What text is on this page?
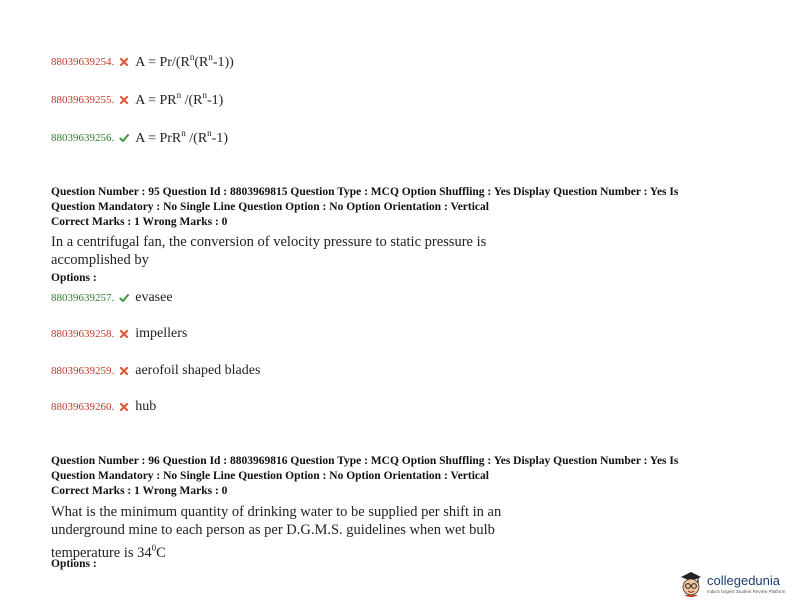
88039639254. $A = Pr/(R^n(R^n-1))$
88039639255. $A = PR^n$ $/(R^n-1)$
88039639256. A = PrR$^n$ $/(R^n-1)$
Question Number : 95 Question Id : 8803969815 Question Type : MCQ Option Shuffling : Yes Display Question Number : Yes Is
Question Mandatory : No Single Line Question Option : No Option Orientation : Vertical
Correct Marks : 1 Wrong Marks : 0
In a centrifugal fan, the conversion of velocity pressure to static pressure is
accomplished by
Options :
88039639257. evasee
88039639258. impellers
88039639259. aerofoil shaped blades
88039639260. hub
Question Number : 96 Question Id : 8803969816 Question Type : MCQ Option Shuffling : Yes Display Question Number : Yes Is
Question Mandatory : No Single Line Question Option : No Option Orientation : Vertical
Correct Marks : 1 Wrong Marks : 0
What is the minimum quantity of drinking water to be supplied per shift in an
underground mine to each person as per D.G.M.S. guidelines when wet bulb
temperature is $34^0C$
Options :
collegedunia
India's largest Student Review Platform
